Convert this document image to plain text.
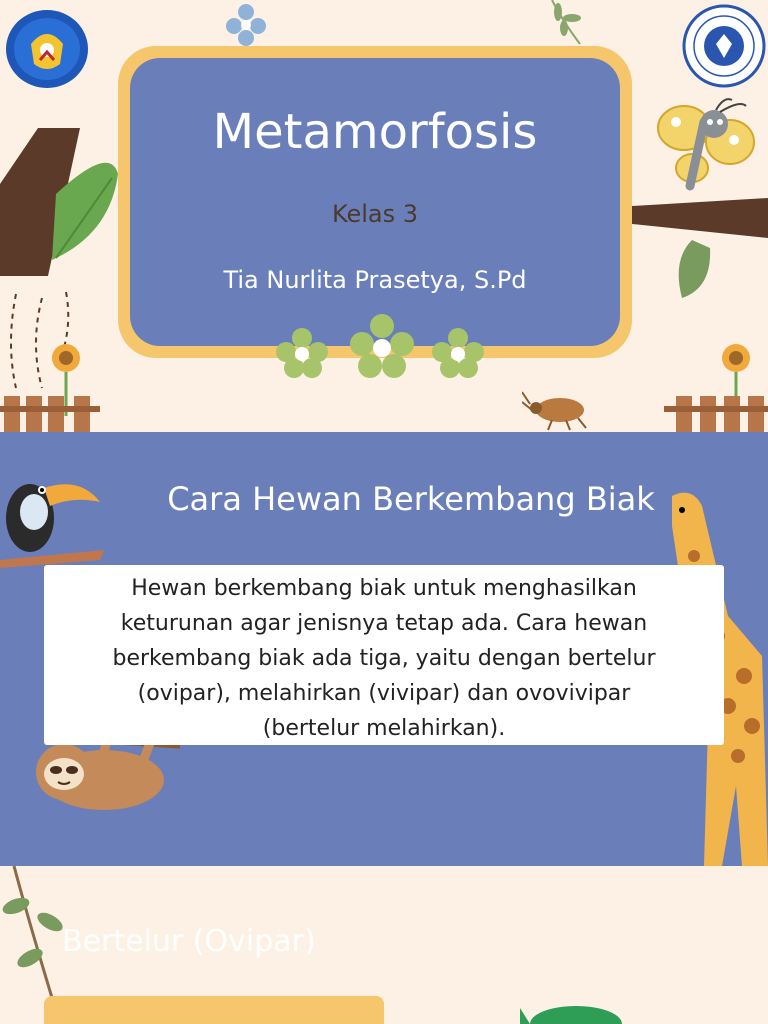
Metamorfosis
Kelas 3
Tia Nurlita Prasetya, S.Pd
Cara Hewan Berkembang Biak
Hewan berkembang biak untuk menghasilkan
keturunan agar jenisnya tetap ada. Cara hewan
berkembang biak ada tiga, yaitu dengan bertelur
(ovipar), melahirkan (vivipar) dan ovovivipar
(bertelur melahirkan).
Bertelur (Ovipar)
